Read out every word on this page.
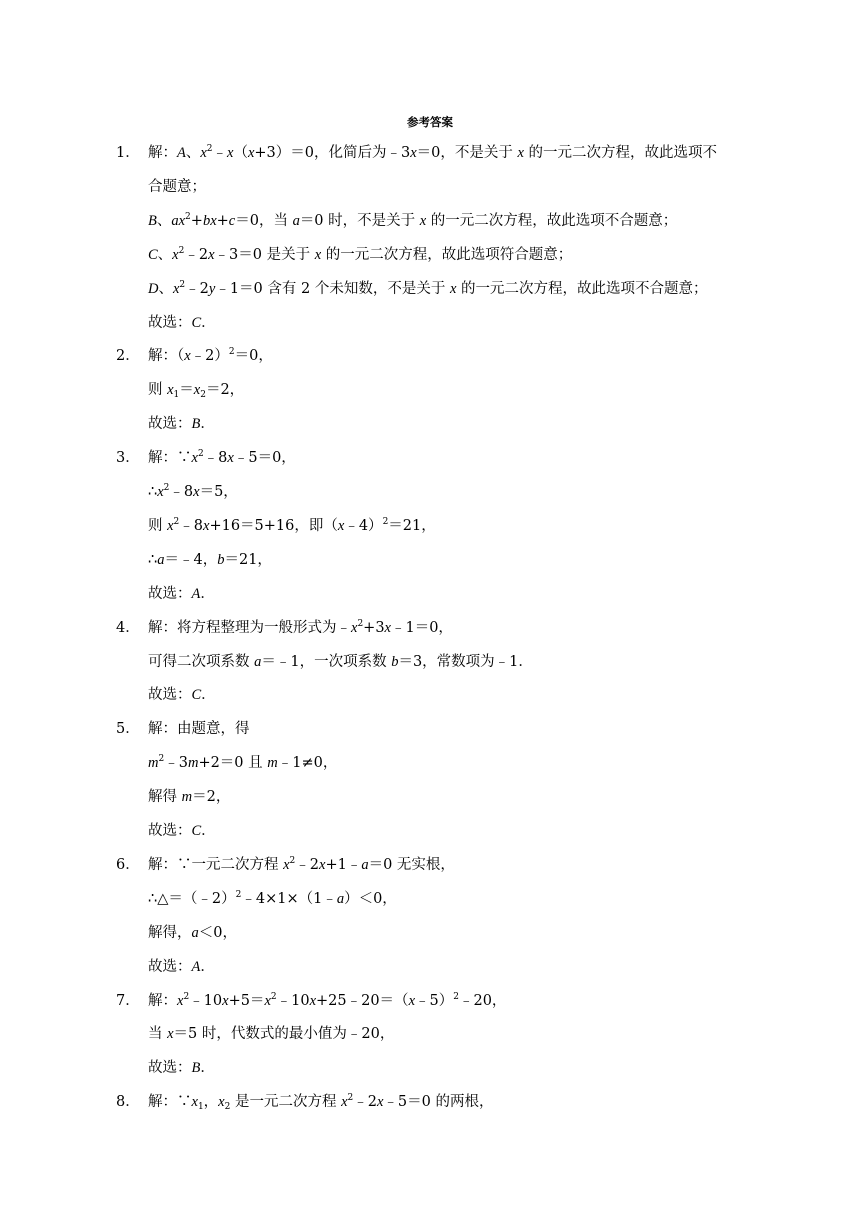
参考答案
1． 解：A、$x^2﹣x(x+3)=0$，化简后为﹣3x＝0，不是关于 x 的一元二次方程，故此选项不
合题意；
B、$ax^2+bx+c=0$，当 a＝0 时，不是关于 x 的一元二次方程，故此选项不合题意；
C、$x^2﹣2x﹣3=0$ 是关于 x 的一元二次方程，故此选项符合题意；
D、$x^2﹣2y﹣1=0$ 含有 2 个未知数，不是关于 x 的一元二次方程，故此选项不合题意；
故选：C．
2． 解：（x﹣2）$^2$＝0，
则 $x_1=x_2=2$，
故选：B．
3． 解：$\because x^2﹣8x﹣5=0$，
$\therefore x^2﹣8x=5$，
则 $x^2﹣8x+16=5+16$，即（x﹣4）$^2$＝21，
∴a＝﹣4，b＝21，
故选：A．
4． 解：将方程整理为一般形式为$﹣x^2+3x﹣1=0$，
可得二次项系数 a＝﹣1，一次项系数 b＝3，常数项为﹣1．
故选：C．
5． 解：由题意，得
$m^2﹣3m+2=0$ 且 m﹣1≠0，
解得 m＝2，
故选：C．
6． 解：∵一元二次方程 $x^2﹣2x+1﹣a=0$ 无实根，
∴△＝（﹣2）$^2$﹣4×1×（1﹣a）＜0，
解得，a＜0，
故选：A．
7． 解：$x^2﹣10x+5=x^2﹣10x+25﹣20=(x﹣5)^2﹣20$，
当 x＝5 时，代数式的最小值为﹣20，
故选：B．
8． 解：$\because x_1$，$x_2$ 是一元二次方程 $x^2﹣2x﹣5=0$ 的两根，
